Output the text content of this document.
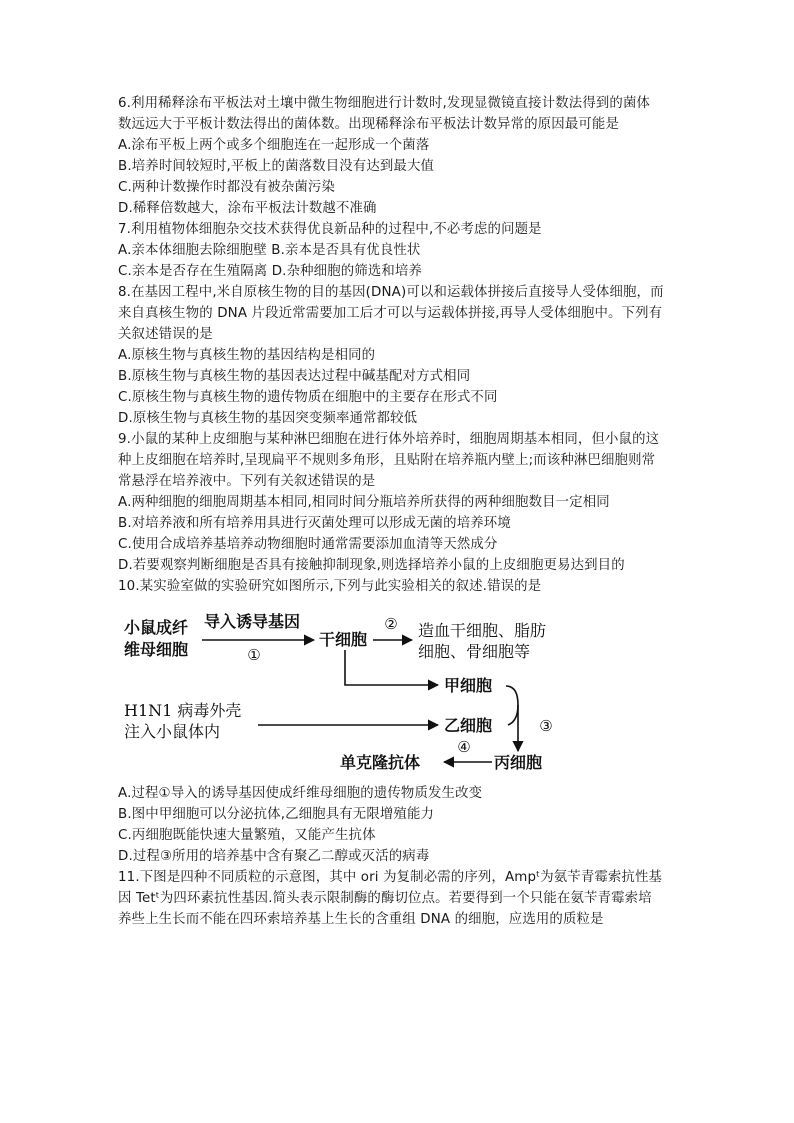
6.利用稀释涂布平板法对土壤中微生物细胞进行计数时,发现显微镜直接计数法得到的菌体
数远远大于平板计数法得出的菌体数。出现稀释涂布平板法计数异常的原因最可能是
A.涂布平板上两个或多个细胞连在一起形成一个菌落
B.培养时间较短时,平板上的菌落数目没有达到最大值
C.两种计数操作时都没有被杂菌污染
D.稀释倍数越大，涂布平板法计数越不准确
7.利用植物体细胞杂交技术获得优良新品种的过程中,不必考虑的问题是
A.亲本体细胞去除细胞壁 B.亲本是否具有优良性状
C.亲本是否存在生殖隔离 D.杂种细胞的筛选和培养
8.在基因工程中,米自原核生物的目的基因(DNA)可以和运载体拼接后直接导人受体细胞，而
来自真核生物的 DNA 片段近常需要加工后才可以与运载体拼接,再导人受体细胞中。下列有
关叙述错误的是
A.原核生物与真核生物的基因结构是相同的
B.原核生物与真核生物的基因表达过程中碱基配对方式相同
C.原核生物与真核生物的遗传物质在细胞中的主要存在形式不同
D.原核生物与真核生物的基因突变频率通常都较低
9.小鼠的某种上皮细胞与某种淋巴细胞在进行体外培养时，细胞周期基本相同，但小鼠的这
种上皮细胞在培养时,呈现扁平不规则多角形，且贴附在培养瓶内壁上;而该种淋巴细胞则常
常悬浮在培养液中。下列有关叙述错误的是
A.两种细胞的细胞周期基本相同,相同时间分瓶培养所获得的两种细胞数目一定相同
B.对培养液和所有培养用具进行灭菌处理可以形成无菌的培养环境
C.使用合成培养基培养动物细胞时通常需要添加血清等天然成分
D.若要观察判断细胞是否具有接触抑制现象,则选择培养小鼠的上皮细胞更易达到目的
10.某实验室做的实验研究如图所示,下列与此实验相关的叙述.错误的是
小鼠成纤
维母细胞
导入诱导基因
①
干细胞
② 造血干细胞、脂肪
细胞、骨细胞等
甲细胞
H1N1 病毒外壳
注入小鼠体内	乙细胞	③
丙细胞
④
单克隆抗体
A.过程①导入的诱导基因使成纤维母细胞的遗传物质发生改变
B.图中甲细胞可以分泌抗体,乙细胞具有无限增殖能力
C.丙细胞既能快速大量繁殖，又能产生抗体
D.过程③所用的培养基中含有聚乙二醇或灭活的病毒
11.下图是四种不同质粒的示意图，其中 ori 为复制必需的序列，Ampᵗ为氨苄青霉索抗性基
因 Tetᵗ为四环素抗性基因.简头表示限制酶的酶切位点。若要得到一个只能在氨苄青霉索培
养些上生长而不能在四环索培养基上生长的含重组 DNA 的细胞，应选用的质粒是
